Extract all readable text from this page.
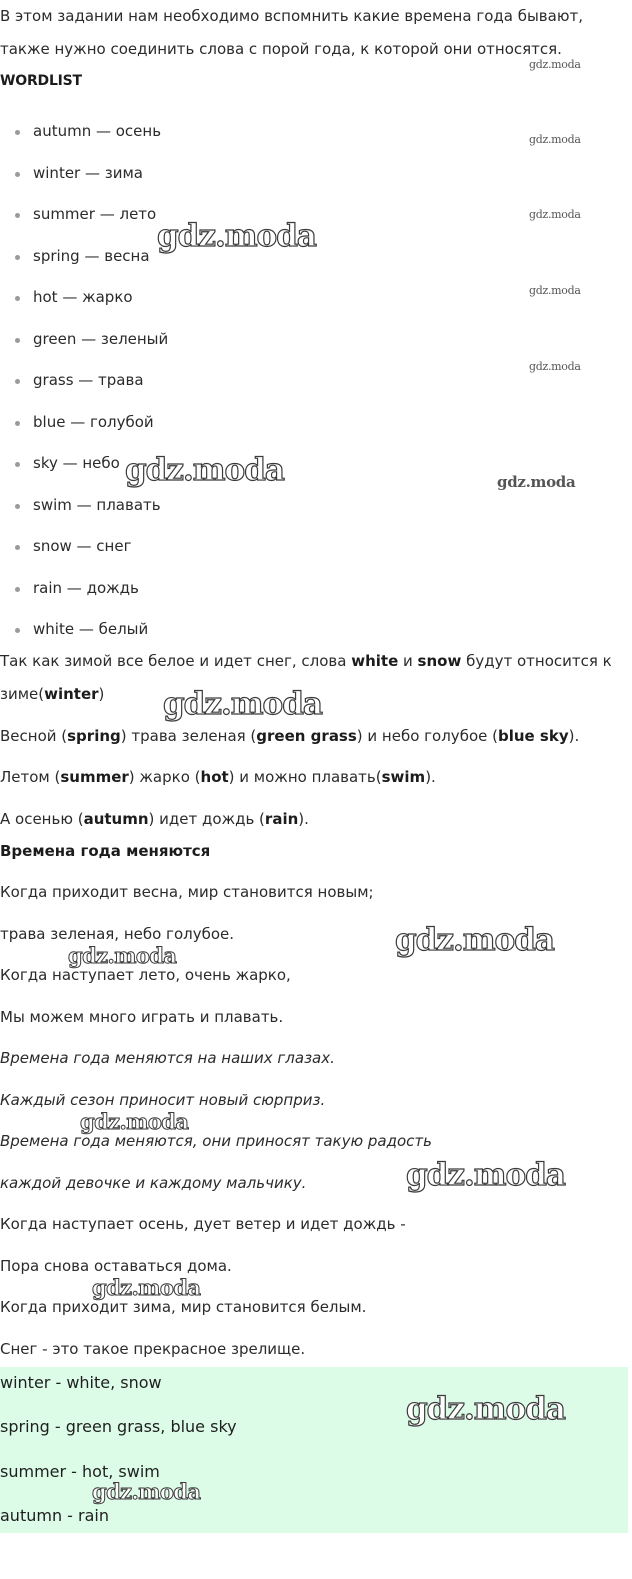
В этом задании нам необходимо вспомнить какие времена года бывают,
также нужно соединить слова с порой года, к которой они относятся.
WORDLIST
autumn — осень
winter — зима
summer — лето
spring — весна
hot — жарко
green — зеленый
grass — трава
blue — голубой
sky — небо
swim — плавать
snow — снег
rain — дождь
white — белый
Так как зимой все белое и идет снег, слова white и snow будут относится к
зиме(winter)
Весной (spring) трава зеленая (green grass) и небо голубое (blue sky).
Летом (summer) жарко (hot) и можно плавать(swim).
А осенью (autumn) идет дождь (rain).
Времена года меняются
Когда приходит весна, мир становится новым;
трава зеленая, небо голубое.
Когда наступает лето, очень жарко,
Мы можем много играть и плавать.
Времена года меняются на наших глазах.
Каждый сезон приносит новый сюрприз.
Времена года меняются, они приносят такую радость
каждой девочке и каждому мальчику.
Когда наступает осень, дует ветер и идет дождь -
Пора снова оставаться дома.
Когда приходит зима, мир становится белым.
Снег - это такое прекрасное зрелище.
winter - white, snow
spring - green grass, blue sky
summer - hot, swim
autumn - rain
gdz.moda
gdz.moda
gdz.moda
gdz.moda
gdz.moda
gdz.moda
gdz.moda	gdz.moda
gdz.moda
gdz.moda
gdz.moda
gdz.moda
gdz.moda
gdz.moda
gdz.moda
gdz.moda
